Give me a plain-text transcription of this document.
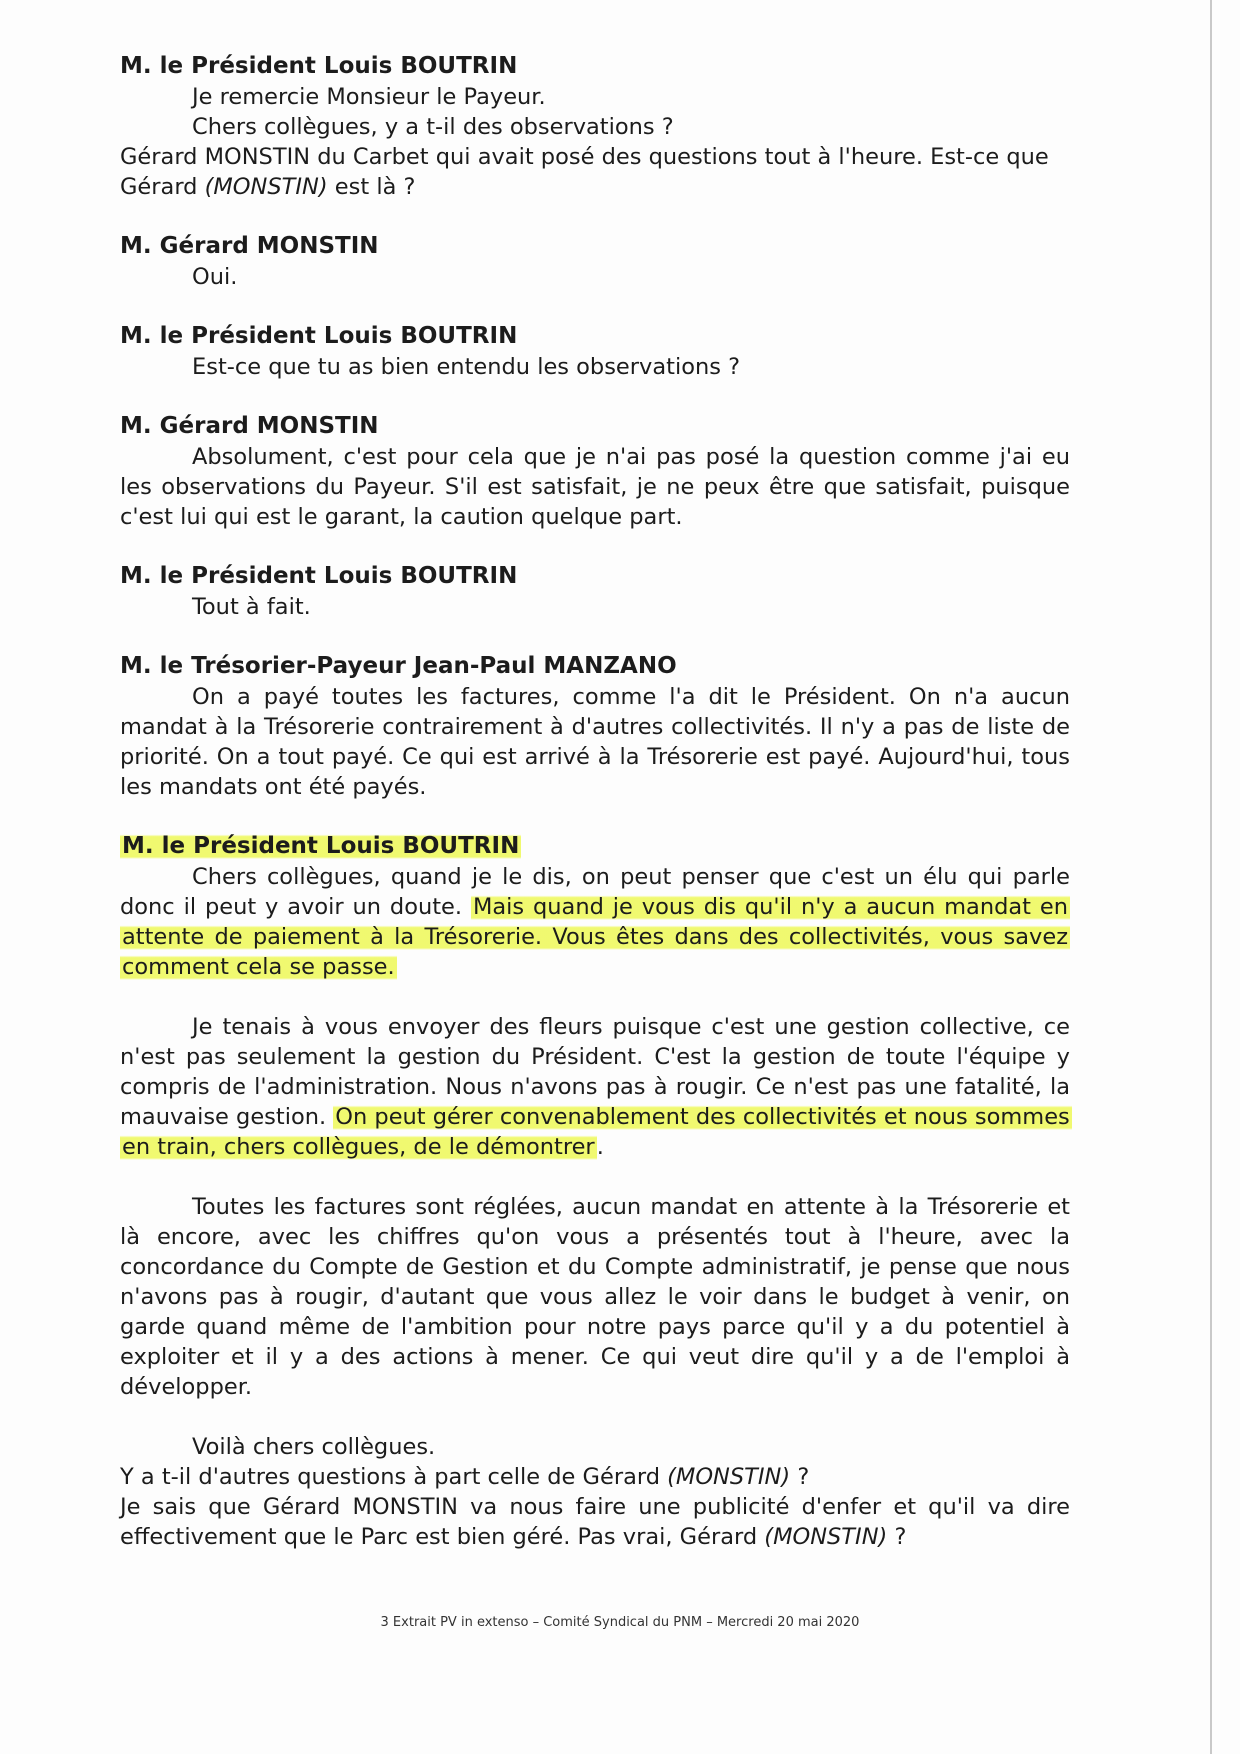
M. le Président Louis BOUTRIN

Je remercie Monsieur le Payeur.

Chers collègues, y a t-il des observations ?

Gérard MONSTIN du Carbet qui avait posé des questions tout à l'heure. Est-ce que Gérard (MONSTIN) est là ?

M. Gérard MONSTIN

Oui.

M. le Président Louis BOUTRIN

Est-ce que tu as bien entendu les observations ?

M. Gérard MONSTIN

Absolument, c'est pour cela que je n'ai pas posé la question comme j'ai eu les observations du Payeur. S'il est satisfait, je ne peux être que satisfait, puisque c'est lui qui est le garant, la caution quelque part.

M. le Président Louis BOUTRIN

Tout à fait.

M. le Trésorier-Payeur Jean-Paul MANZANO

On a payé toutes les factures, comme l'a dit le Président. On n'a aucun mandat à la Trésorerie contrairement à d'autres collectivités. Il n'y a pas de liste de priorité. On a tout payé. Ce qui est arrivé à la Trésorerie est payé. Aujourd'hui, tous les mandats ont été payés.

M. le Président Louis BOUTRIN

Chers collègues, quand je le dis, on peut penser que c'est un élu qui parle donc il peut y avoir un doute. Mais quand je vous dis qu'il n'y a aucun mandat en attente de paiement à la Trésorerie. Vous êtes dans des collectivités, vous savez comment cela se passe.

Je tenais à vous envoyer des fleurs puisque c'est une gestion collective, ce n'est pas seulement la gestion du Président. C'est la gestion de toute l'équipe y compris de l'administration. Nous n'avons pas à rougir. Ce n'est pas une fatalité, la mauvaise gestion. On peut gérer convenablement des collectivités et nous sommes en train, chers collègues, de le démontrer.

Toutes les factures sont réglées, aucun mandat en attente à la Trésorerie et là encore, avec les chiffres qu'on vous a présentés tout à l'heure, avec la concordance du Compte de Gestion et du Compte administratif, je pense que nous n'avons pas à rougir, d'autant que vous allez le voir dans le budget à venir, on garde quand même de l'ambition pour notre pays parce qu'il y a du potentiel à exploiter et il y a des actions à mener. Ce qui veut dire qu'il y a de l'emploi à développer.

Voilà chers collègues.

Y a t-il d'autres questions à part celle de Gérard (MONSTIN) ?

Je sais que Gérard MONSTIN va nous faire une publicité d'enfer et qu'il va dire effectivement que le Parc est bien géré. Pas vrai, Gérard (MONSTIN) ?

3 Extrait PV in extenso – Comité Syndical du PNM – Mercredi 20 mai 2020
